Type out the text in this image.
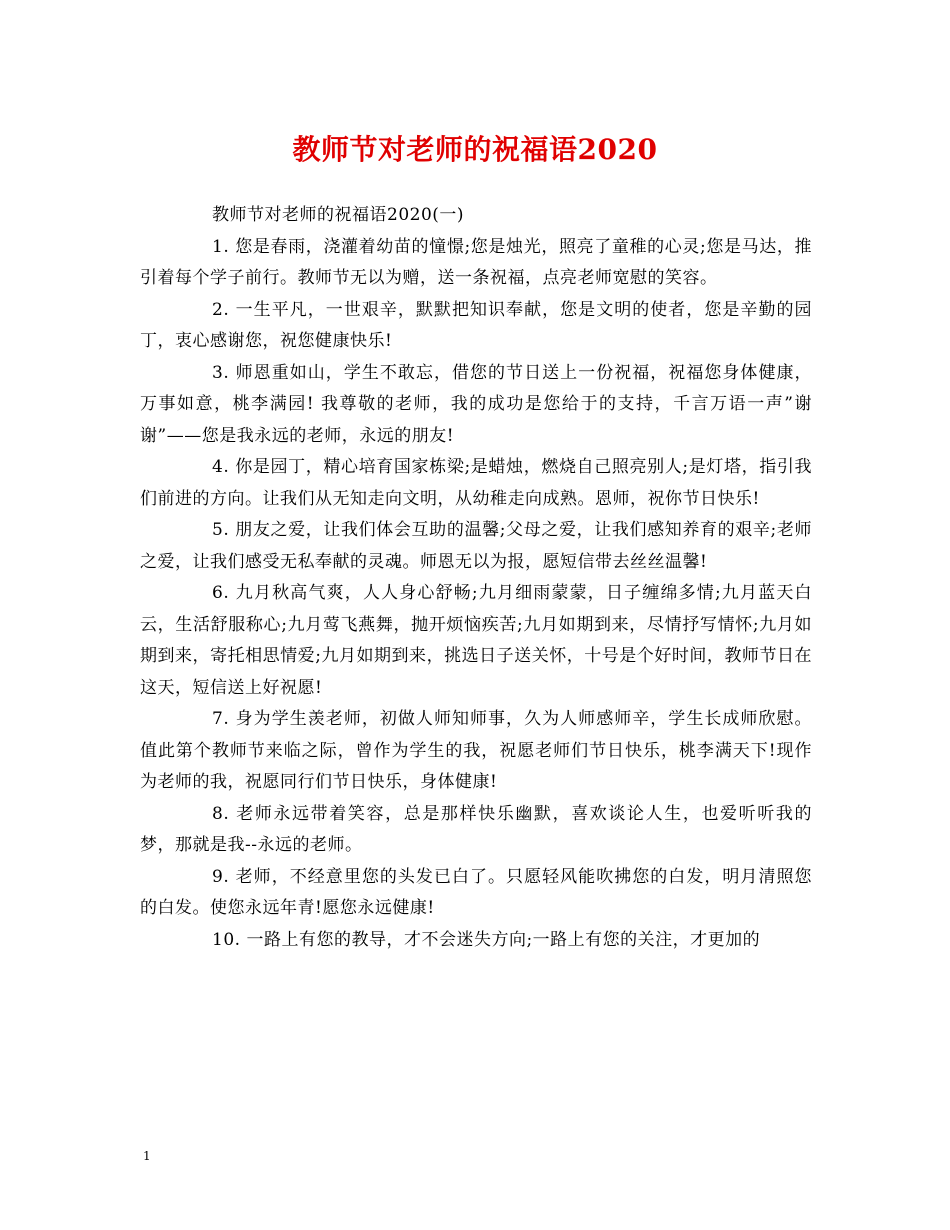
教师节对老师的祝福语2020

教师节对老师的祝福语2020(一)

1. 您是春雨，浇灌着幼苗的憧憬;您是烛光，照亮了童稚的心灵;您是马达，推引着每个学子前行。教师节无以为赠，送一条祝福，点亮老师宽慰的笑容。

2. 一生平凡，一世艰辛，默默把知识奉献，您是文明的使者，您是辛勤的园丁，衷心感谢您，祝您健康快乐!

3. 师恩重如山，学生不敢忘，借您的节日送上一份祝福，祝福您身体健康，万事如意，桃李满园! 我尊敬的老师，我的成功是您给于的支持，千言万语一声”谢谢”——您是我永远的老师，永远的朋友!

4. 你是园丁，精心培育国家栋梁;是蜡烛，燃烧自己照亮别人;是灯塔，指引我们前进的方向。让我们从无知走向文明，从幼稚走向成熟。恩师，祝你节日快乐!

5. 朋友之爱，让我们体会互助的温馨;父母之爱，让我们感知养育的艰辛;老师之爱，让我们感受无私奉献的灵魂。师恩无以为报，愿短信带去丝丝温馨!

6. 九月秋高气爽，人人身心舒畅;九月细雨蒙蒙，日子缠绵多情;九月蓝天白云，生活舒服称心;九月莺飞燕舞，抛开烦恼疾苦;九月如期到来，尽情抒写情怀;九月如期到来，寄托相思情爱;九月如期到来，挑选日子送关怀，十号是个好时间，教师节日在这天，短信送上好祝愿!

7. 身为学生羡老师，初做人师知师事，久为人师感师辛，学生长成师欣慰。值此第个教师节来临之际，曾作为学生的我，祝愿老师们节日快乐，桃李满天下!现作为老师的我，祝愿同行们节日快乐，身体健康!

8. 老师永远带着笑容，总是那样快乐幽默，喜欢谈论人生，也爱听听我的梦，那就是我--永远的老师。

9. 老师，不经意里您的头发已白了。只愿轻风能吹拂您的白发，明月清照您的白发。使您永远年青!愿您永远健康!

10. 一路上有您的教导，才不会迷失方向;一路上有您的关注，才更加的

1
